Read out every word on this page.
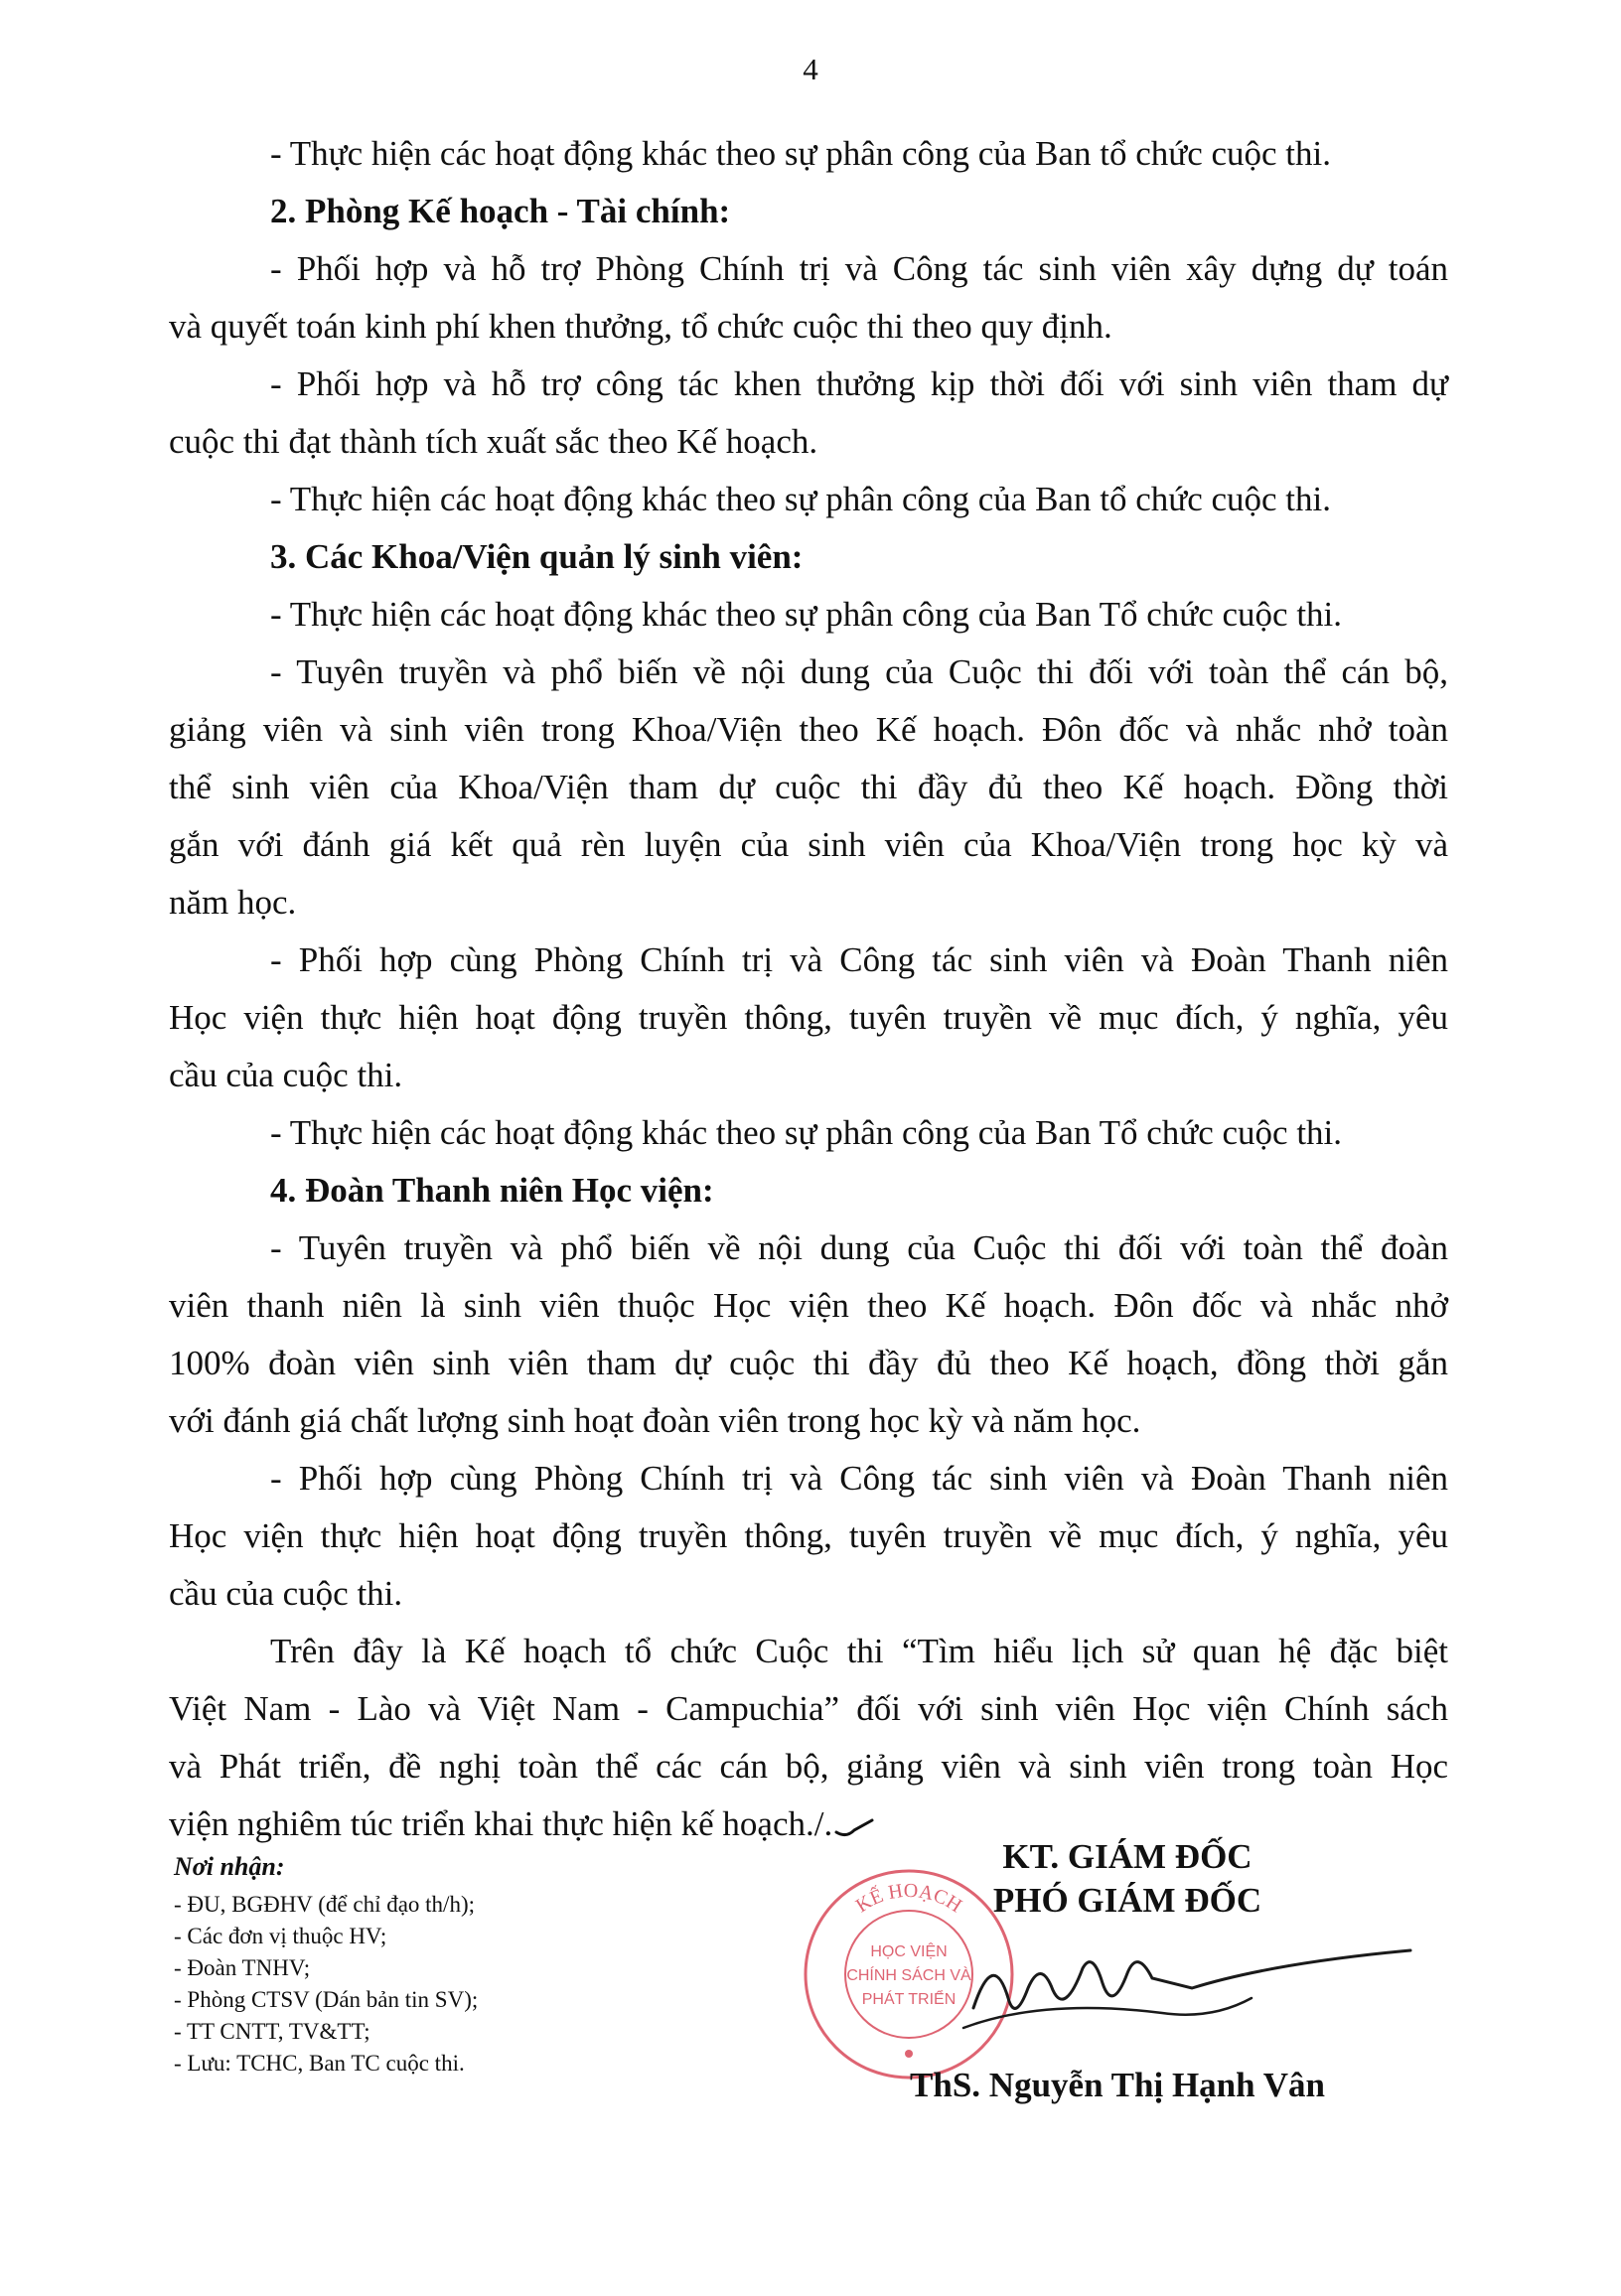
4
- Thực hiện các hoạt động khác theo sự phân công của Ban tổ chức cuộc thi.
2. Phòng Kế hoạch - Tài chính:
- Phối hợp và hỗ trợ Phòng Chính trị và Công tác sinh viên xây dựng dự toán
và quyết toán kinh phí khen thưởng, tổ chức cuộc thi theo quy định.
- Phối hợp và hỗ trợ công tác khen thưởng kịp thời đối với sinh viên tham dự
cuộc thi đạt thành tích xuất sắc theo Kế hoạch.
- Thực hiện các hoạt động khác theo sự phân công của Ban tổ chức cuộc thi.
3. Các Khoa/Viện quản lý sinh viên:
- Thực hiện các hoạt động khác theo sự phân công của Ban Tổ chức cuộc thi.
- Tuyên truyền và phổ biến về nội dung của Cuộc thi đối với toàn thể cán bộ,
giảng viên và sinh viên trong Khoa/Viện theo Kế hoạch. Đôn đốc và nhắc nhở toàn
thể sinh viên của Khoa/Viện tham dự cuộc thi đầy đủ theo Kế hoạch. Đồng thời
gắn với đánh giá kết quả rèn luyện của sinh viên của Khoa/Viện trong học kỳ và
năm học.
- Phối hợp cùng Phòng Chính trị và Công tác sinh viên và Đoàn Thanh niên
Học viện thực hiện hoạt động truyền thông, tuyên truyền về mục đích, ý nghĩa, yêu
cầu của cuộc thi.
- Thực hiện các hoạt động khác theo sự phân công của Ban Tổ chức cuộc thi.
4. Đoàn Thanh niên Học viện:
- Tuyên truyền và phổ biến về nội dung của Cuộc thi đối với toàn thể đoàn
viên thanh niên là sinh viên thuộc Học viện theo Kế hoạch. Đôn đốc và nhắc nhở
100% đoàn viên sinh viên tham dự cuộc thi đầy đủ theo Kế hoạch, đồng thời gắn
với đánh giá chất lượng sinh hoạt đoàn viên trong học kỳ và năm học.
- Phối hợp cùng Phòng Chính trị và Công tác sinh viên và Đoàn Thanh niên
Học viện thực hiện hoạt động truyền thông, tuyên truyền về mục đích, ý nghĩa, yêu
cầu của cuộc thi.
Trên đây là Kế hoạch tổ chức Cuộc thi “Tìm hiểu lịch sử quan hệ đặc biệt
Việt Nam - Lào và Việt Nam - Campuchia” đối với sinh viên Học viện Chính sách
và Phát triển, đề nghị toàn thể các cán bộ, giảng viên và sinh viên trong toàn Học
viện nghiêm túc triển khai thực hiện kế hoạch./.
Nơi nhận:
- ĐU, BGĐHV (để chỉ đạo th/h);
- Các đơn vị thuộc HV;
- Đoàn TNHV;
- Phòng CTSV (Dán bản tin SV);
- TT CNTT, TV&TT;
- Lưu: TCHC, Ban TC cuộc thi.
KẾ HOẠCH
HỌC VIỆN
CHÍNH SÁCH VÀ
PHÁT TRIỂN
KT. GIÁM ĐỐC
PHÓ GIÁM ĐỐC
ThS. Nguyễn Thị Hạnh Vân
